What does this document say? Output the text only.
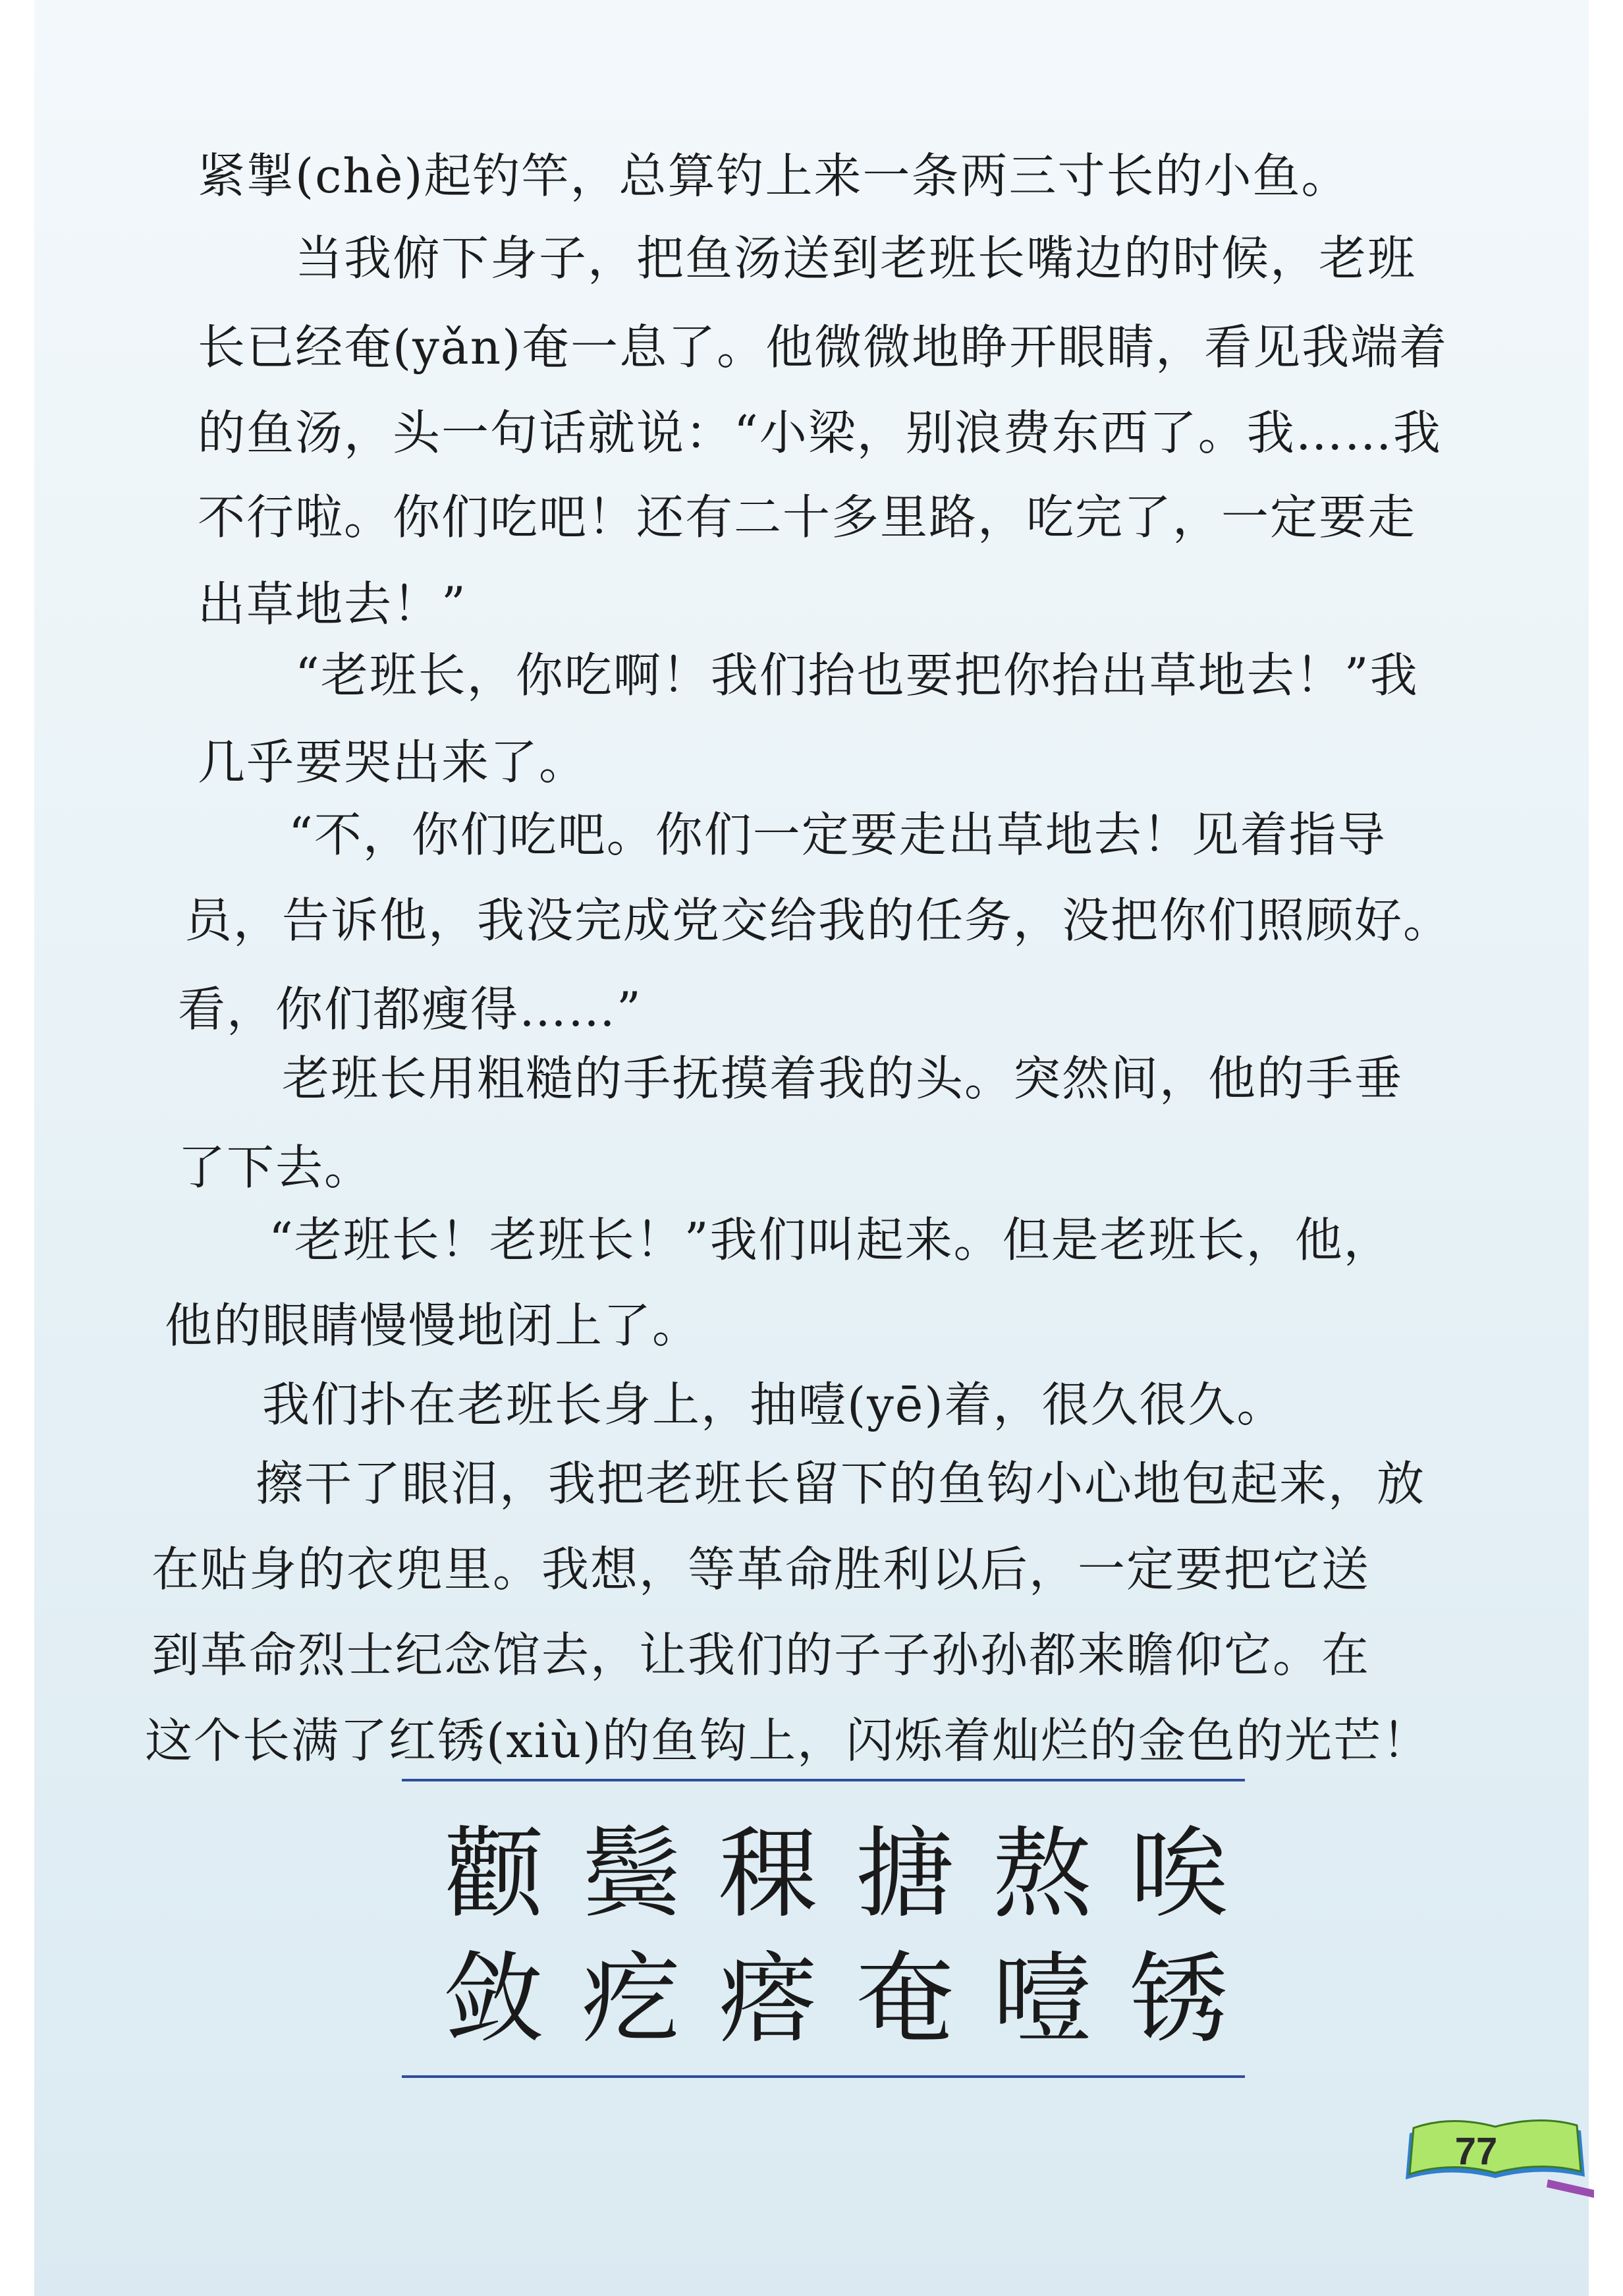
紧掣(chè)起钓竿，总算钓上来一条两三寸长的小鱼。
　　当我俯下身子，把鱼汤送到老班长嘴边的时候，老班
长已经奄(yǎn)奄一息了。他微微地睁开眼睛，看见我端着
的鱼汤，头一句话就说：“小梁，别浪费东西了。我……我
不行啦。你们吃吧！还有二十多里路，吃完了，一定要走
出草地去！”
　　“老班长，你吃啊！我们抬也要把你抬出草地去！”我
几乎要哭出来了。
　　“不，你们吃吧。你们一定要走出草地去！见着指导
员，告诉他，我没完成党交给我的任务，没把你们照顾好。
看，你们都瘦得……”
　　老班长用粗糙的手抚摸着我的头。突然间，他的手垂
了下去。
　　“老班长！老班长！”我们叫起来。但是老班长，他，
他的眼睛慢慢地闭上了。
　　我们扑在老班长身上，抽噎(yē)着，很久很久。
　　擦干了眼泪，我把老班长留下的鱼钩小心地包起来，放
在贴身的衣兜里。我想，等革命胜利以后，一定要把它送
到革命烈士纪念馆去，让我们的子子孙孙都来瞻仰它。在
这个长满了红锈(xiù)的鱼钩上，闪烁着灿烂的金色的光芒！
颧 鬓 稞 搪 熬 唉
敛 疙 瘩 奄 噎 锈
77
